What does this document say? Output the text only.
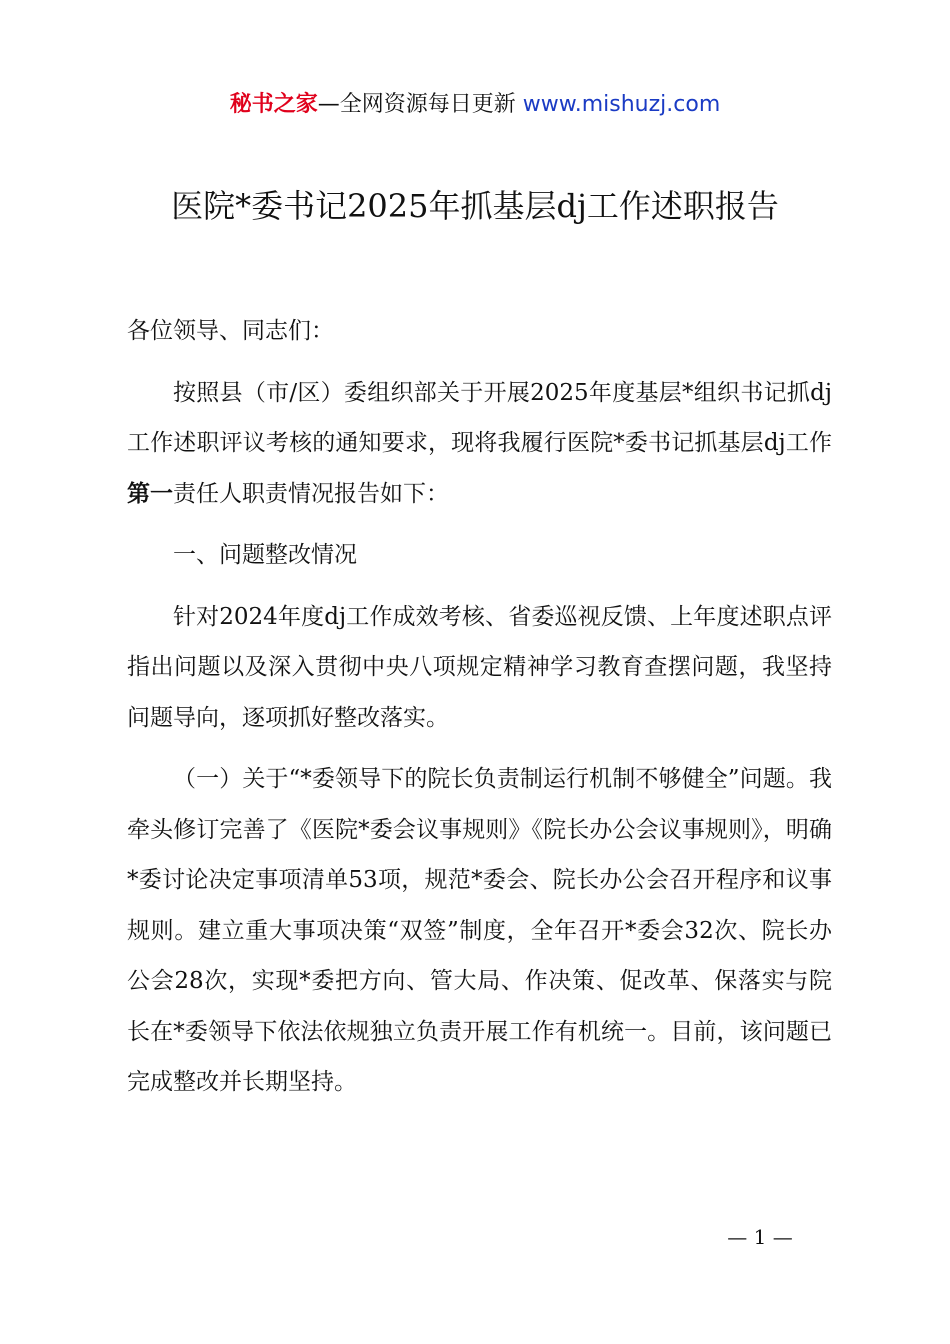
秘书之家—全网资源每日更新 www.mishuzj.com
医院*委书记2025年抓基层dj工作述职报告

各位领导、同志们：

按照县（市/区）委组织部关于开展2025年度基层*组织书记抓dj工作述职评议考核的通知要求，现将我履行医院*委书记抓基层dj工作第一责任人职责情况报告如下：

一、问题整改情况

针对2024年度dj工作成效考核、省委巡视反馈、上年度述职点评指出问题以及深入贯彻中央八项规定精神学习教育查摆问题，我坚持问题导向，逐项抓好整改落实。

（一）关于“*委领导下的院长负责制运行机制不够健全”问题。我牵头修订完善了《医院*委会议事规则》《院长办公会议事规则》，明确*委讨论决定事项清单53项，规范*委会、院长办公会召开程序和议事规则。建立重大事项决策“双签”制度，全年召开*委会32次、院长办公会28次，实现*委把方向、管大局、作决策、促改革、保落实与院长在*委领导下依法依规独立负责开展工作有机统一。目前，该问题已完成整改并长期坚持。

— 1 —
